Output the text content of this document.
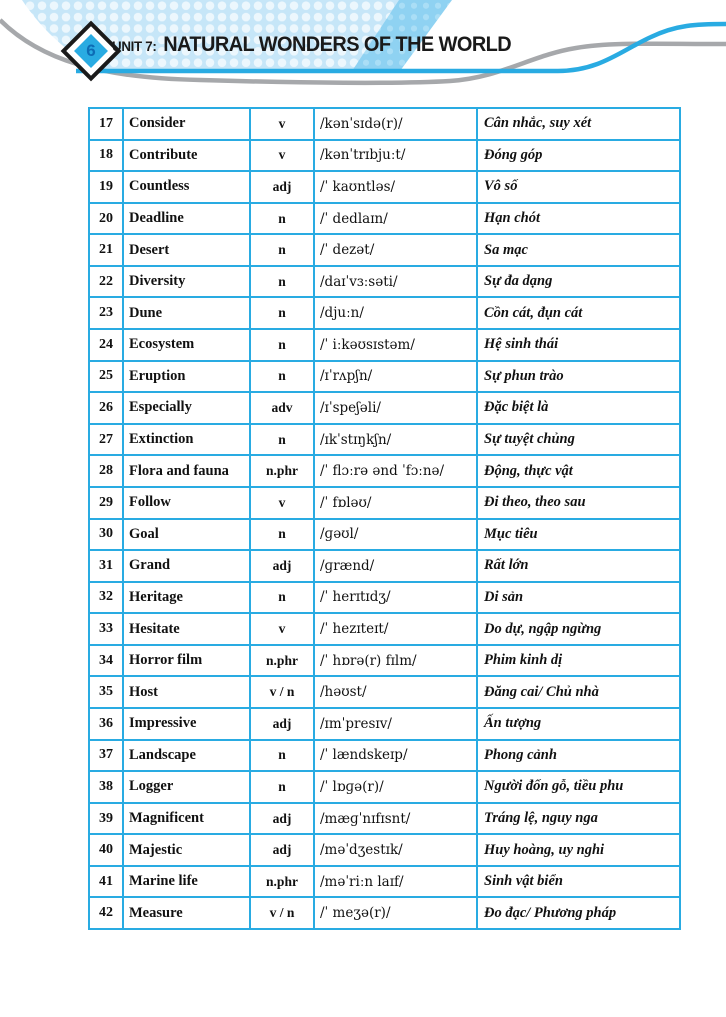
6	UNIT 7: NATURAL WONDERS OF THE WORLD
17	Consider	v	/kənˈsɪdə(r)/	Cân nhắc, suy xét
18	Contribute	v	/kənˈtrɪbjuːt/	Đóng góp
19	Countless	adj	/ˈ kaʊntləs/	Vô số
20	Deadline	n	/ˈ dedlaɪn/	Hạn chót
21	Desert	n	/ˈ dezət/	Sa mạc
22	Diversity	n	/daɪˈvɜːsəti/	Sự đa dạng
23	Dune	n	/djuːn/	Cồn cát, đụn cát
24	Ecosystem	n	/ˈ iːkəʊsɪstəm/	Hệ sinh thái
25	Eruption	n	/ɪˈrʌpʃn/	Sự phun trào
26	Especially	adv	/ɪˈspeʃəli/	Đặc biệt là
27	Extinction	n	/ɪkˈstɪŋkʃn/	Sự tuyệt chủng
28	Flora and fauna	n.phr	/ˈ flɔːrə ənd ˈfɔːnə/	Động, thực vật
29	Follow	v	/ˈ fɒləʊ/	Đi theo, theo sau
30	Goal	n	/ɡəʊl/	Mục tiêu
31	Grand	adj	/ɡrænd/	Rất lớn
32	Heritage	n	/ˈ herɪtɪdʒ/	Di sản
33	Hesitate	v	/ˈ hezɪteɪt/	Do dự, ngập ngừng
34	Horror film	n.phr	/ˈ hɒrə(r) fɪlm/	Phim kinh dị
35	Host	v / n	/həʊst/	Đăng cai/ Chủ nhà
36	Impressive	adj	/ɪmˈpresɪv/	Ấn tượng
37	Landscape	n	/ˈ lændskeɪp/	Phong cảnh
38	Logger	n	/ˈ lɒɡə(r)/	Người đốn gỗ, tiều phu
39	Magnificent	adj	/mæɡˈnɪfɪsnt/	Tráng lệ, nguy nga
40	Majestic	adj	/məˈdʒestɪk/	Huy hoàng, uy nghi
41	Marine life	n.phr	/məˈriːn laɪf/	Sinh vật biển
42	Measure	v / n	/ˈ meʒə(r)/	Đo đạc/ Phương pháp
